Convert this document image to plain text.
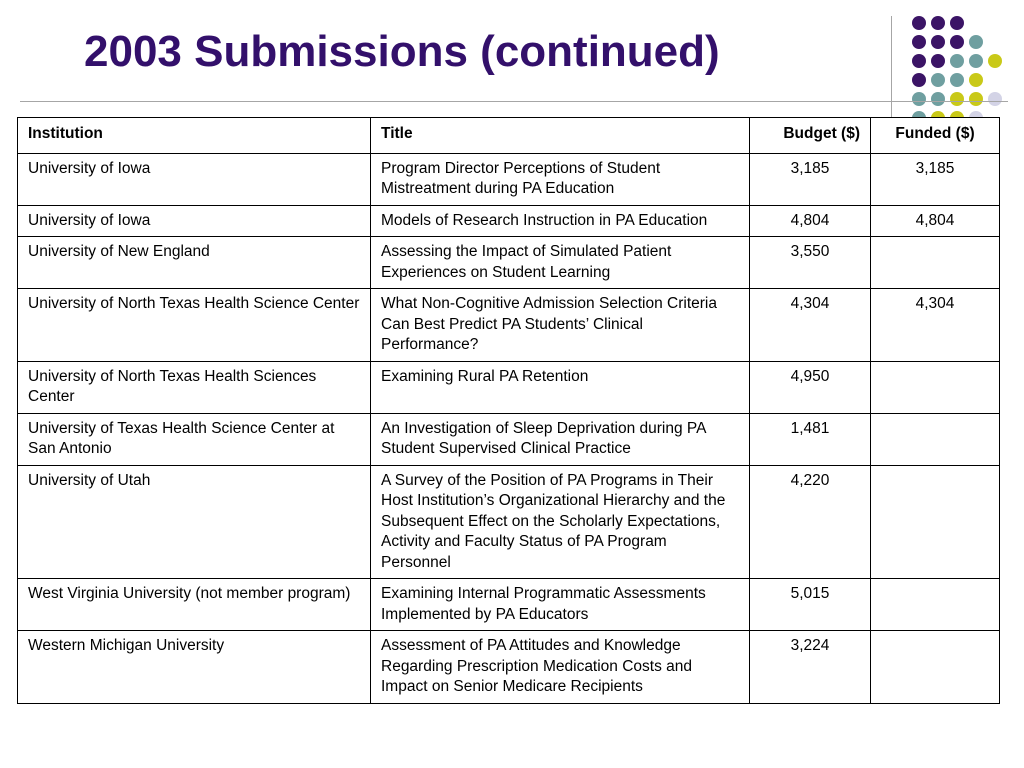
2003 Submissions (continued)
Institution	Title	Budget ($)	Funded ($)
University of Iowa	Program Director Perceptions of Student Mistreatment during PA Education	3,185	3,185
University of Iowa	Models of Research Instruction in PA Education	4,804	4,804
University of New England	Assessing the Impact of Simulated Patient Experiences on Student Learning	3,550	
University of North Texas Health Science Center	What Non-Cognitive Admission Selection Criteria Can Best Predict PA Students’ Clinical Performance?	4,304	4,304
University of North Texas Health Sciences Center	Examining Rural PA Retention	4,950	
University of Texas Health Science Center at San Antonio	An Investigation of Sleep Deprivation during PA Student Supervised Clinical Practice	1,481	
University of Utah	A Survey of the Position of PA Programs in Their Host Institution’s Organizational Hierarchy and the Subsequent Effect on the Scholarly Expectations, Activity and Faculty Status of PA Program Personnel	4,220	
West Virginia University (not member program)	Examining Internal Programmatic Assessments Implemented by PA Educators	5,015	
Western Michigan University	Assessment of PA Attitudes and Knowledge Regarding Prescription Medication Costs and Impact on Senior Medicare Recipients	3,224	
